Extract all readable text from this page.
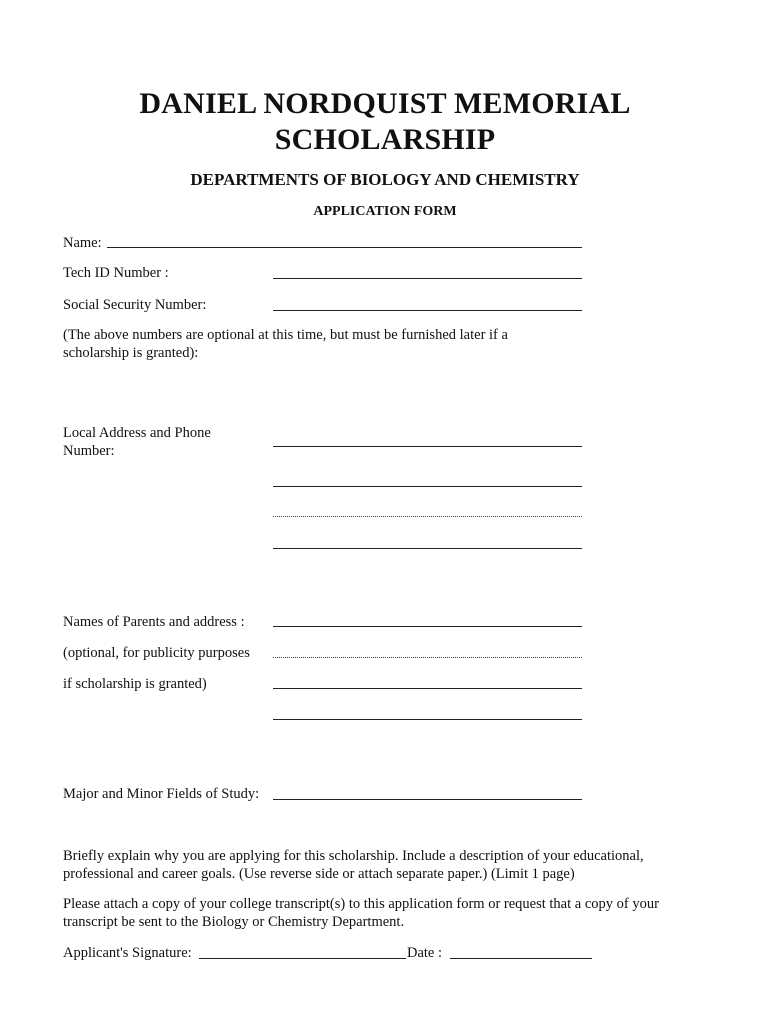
DANIEL NORDQUIST MEMORIAL
SCHOLARSHIP
DEPARTMENTS OF BIOLOGY AND CHEMISTRY
APPLICATION FORM
Name:
Tech ID Number :
Social Security Number:
(The above numbers are optional at this time, but must be furnished later if a scholarship is granted):
Local Address and Phone
Number:
Names of Parents and address :
(optional, for publicity purposes
if scholarship is granted)
Major and Minor Fields of Study:
Briefly explain why you are applying for this scholarship. Include a description of your educational, professional and career goals. (Use reverse side or attach separate paper.) (Limit 1 page)
Please attach a copy of your college transcript(s) to this application form or request that a copy of your transcript be sent to the Biology or Chemistry Department.
Applicant's Signature:	Date :
